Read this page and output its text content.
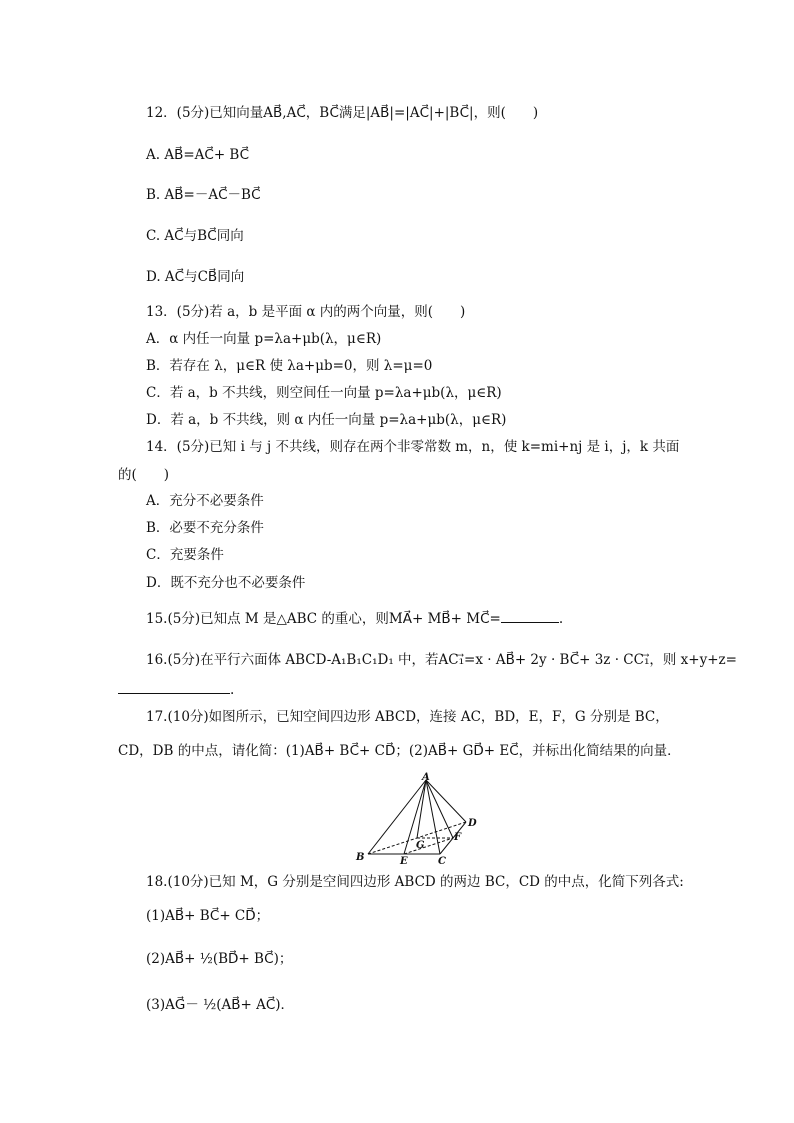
12．(5分)已知向量AB⃗,AC⃗，BC⃗满足|AB⃗|=|AC⃗|+|BC⃗|，则(　　)
A. AB⃗=AC⃗+ BC⃗
B. AB⃗=－AC⃗－BC⃗
C. AC⃗与BC⃗同向
D. AC⃗与CB⃗同向
13．(5分)若 a，b 是平面 α 内的两个向量，则(　　)
A．α 内任一向量 p=λa+μb(λ，μ∈R)
B．若存在 λ，μ∈R 使 λa+μb=0，则 λ=μ=0
C．若 a，b 不共线，则空间任一向量 p=λa+μb(λ，μ∈R)
D．若 a，b 不共线，则 α 内任一向量 p=λa+μb(λ，μ∈R)
14．(5分)已知 i 与 j 不共线，则存在两个非零常数 m，n，使 k=mi+nj 是 i，j，k 共面
的(　　)
A．充分不必要条件
B．必要不充分条件
C．充要条件
D．既不充分也不必要条件
15.(5分)已知点 M 是△ABC 的重心，则MA⃗+ MB⃗+ MC⃗=	.
16.(5分)在平行六面体 ABCD-A₁B₁C₁D₁ 中，若AC₁⃗=x · AB⃗+ 2y · BC⃗+ 3z · CC₁⃗，则 x+y+z=
.
17.(10分)如图所示，已知空间四边形 ABCD，连接 AC，BD，E，F，G 分别是 BC，
CD，DB 的中点，请化简：(1)AB⃗+ BC⃗+ CD⃗；(2)AB⃗+ GD⃗+ EC⃗，并标出化简结果的向量．
A
D
F
G
B	E	C
18.(10分)已知 M，G 分别是空间四边形 ABCD 的两边 BC，CD 的中点，化简下列各式:
(1)AB⃗+ BC⃗+ CD⃗；
(2)AB⃗+ ½(BD⃗+ BC⃗)；
(3)AG⃗－ ½(AB⃗+ AC⃗)．
